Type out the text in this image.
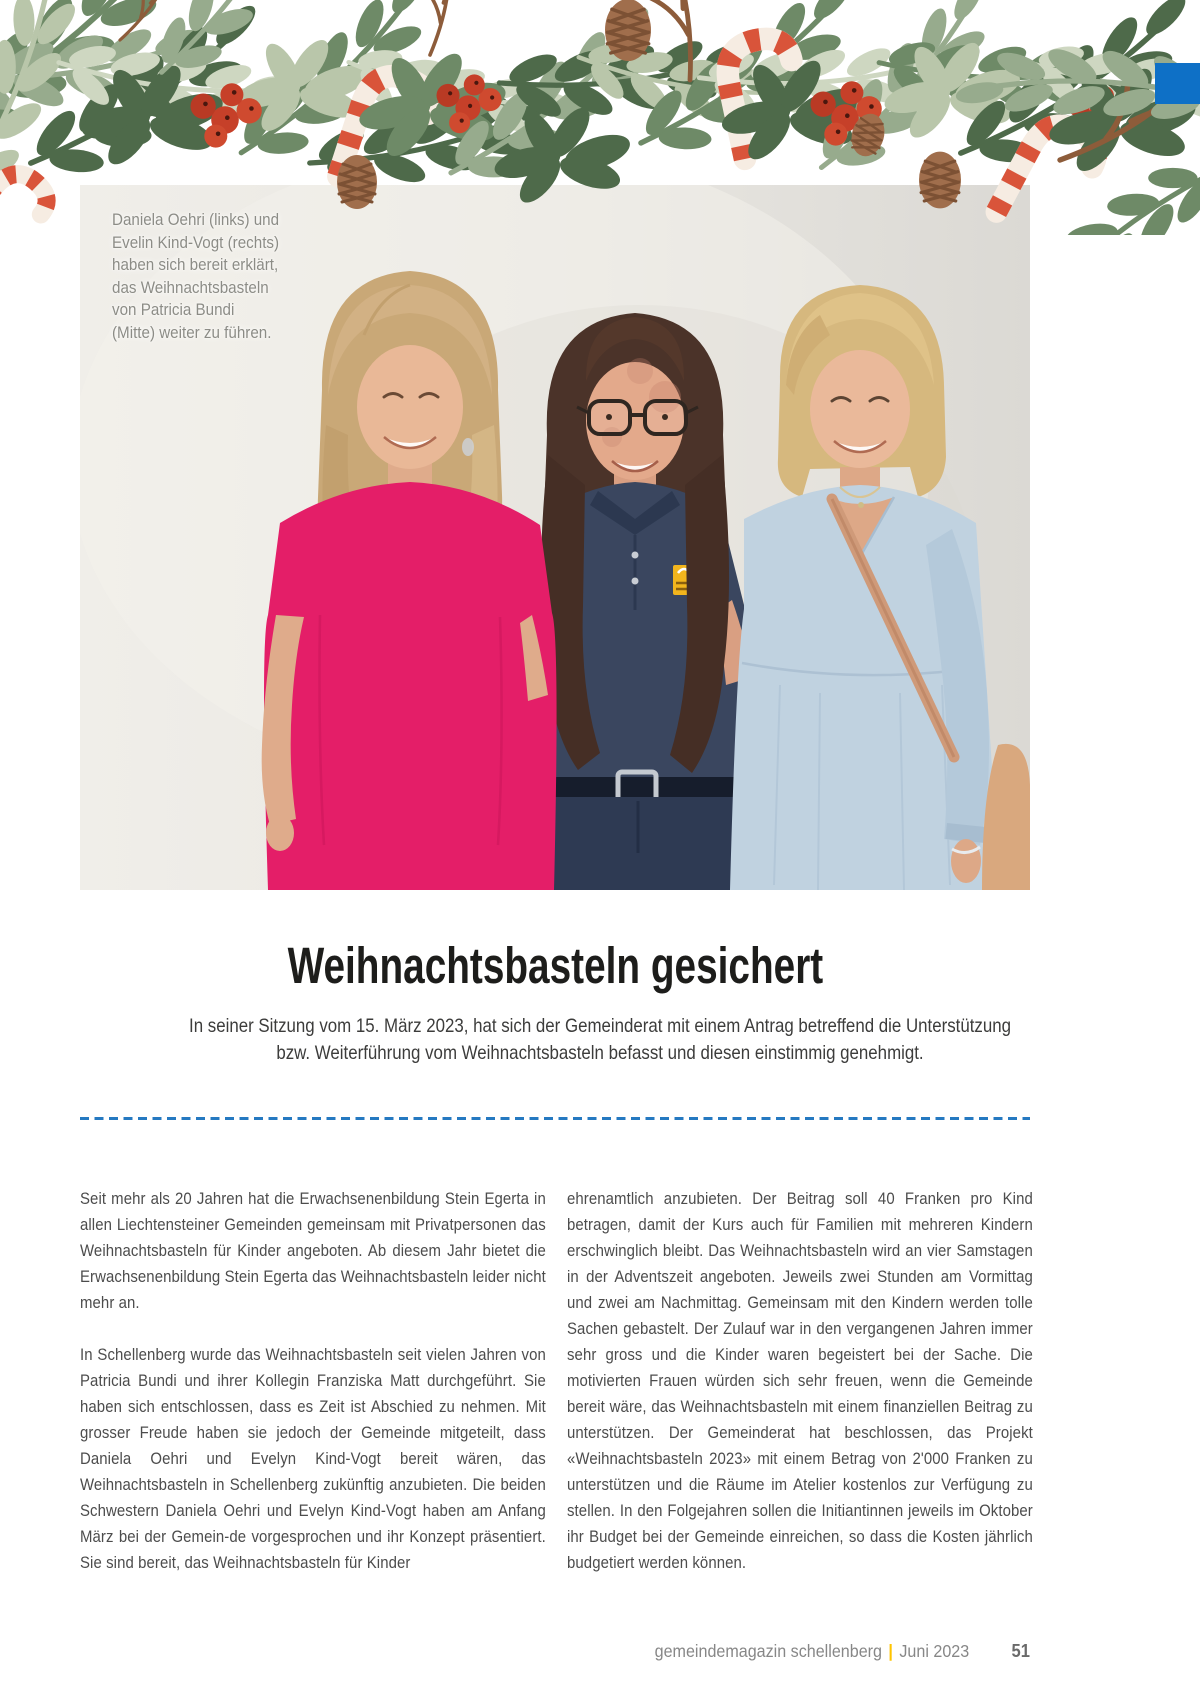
Daniela Oehri (links) und Evelin Kind-Vogt (rechts) haben sich bereit erklärt, das Weihnachtsbasteln von Patricia Bundi (Mitte) weiter zu führen.
Weihnachtsbasteln gesichert
In seiner Sitzung vom 15. März 2023, hat sich der Gemeinderat mit einem Antrag betreffend die Unterstützung
bzw. Weiterführung vom Weihnachtsbasteln befasst und diesen einstimmig genehmigt.

Seit mehr als 20 Jahren hat die Erwachsenenbildung Stein Egerta in allen Liechtensteiner Gemeinden gemeinsam mit Privatpersonen das Weihnachtsbasteln für Kinder angeboten. Ab diesem Jahr bietet die Erwachsenenbildung Stein Egerta das Weihnachtsbasteln leider nicht mehr an.

In Schellenberg wurde das Weihnachtsbasteln seit vielen Jahren von Patricia Bundi und ihrer Kollegin Franziska Matt durchgeführt. Sie haben sich entschlossen, dass es Zeit ist Abschied zu nehmen. Mit grosser Freude haben sie jedoch der Gemeinde mitgeteilt, dass Daniela Oehri und Evelyn Kind-Vogt bereit wären, das Weihnachtsbasteln in Schellenberg zukünftig anzubieten. Die beiden Schwestern Daniela Oehri und Evelyn Kind-Vogt haben am Anfang März bei der Gemein-de vorgesprochen und ihr Konzept präsentiert. Sie sind bereit, das Weihnachtsbasteln für Kinder

ehrenamtlich anzubieten. Der Beitrag soll 40 Franken pro Kind betragen, damit der Kurs auch für Familien mit mehreren Kindern erschwinglich bleibt. Das Weihnachtsbasteln wird an vier Samstagen in der Adventszeit angeboten. Jeweils zwei Stunden am Vormittag und zwei am Nachmittag. Gemeinsam mit den Kindern werden tolle Sachen gebastelt. Der Zulauf war in den vergangenen Jahren immer sehr gross und die Kinder waren begeistert bei der Sache. Die motivierten Frauen würden sich sehr freuen, wenn die Gemeinde bereit wäre, das Weihnachtsbasteln mit einem finanziellen Beitrag zu unterstützen. Der Gemeinderat hat beschlossen, das Projekt «Weihnachtsbasteln 2023» mit einem Betrag von 2'000 Franken zu unterstützen und die Räume im Atelier kostenlos zur Verfügung zu stellen. In den Folgejahren sollen die Initiantinnen jeweils im Oktober ihr Budget bei der Gemeinde einreichen, so dass die Kosten jährlich budgetiert werden können.

gemeindemagazin schellenberg | Juni 2023 51
